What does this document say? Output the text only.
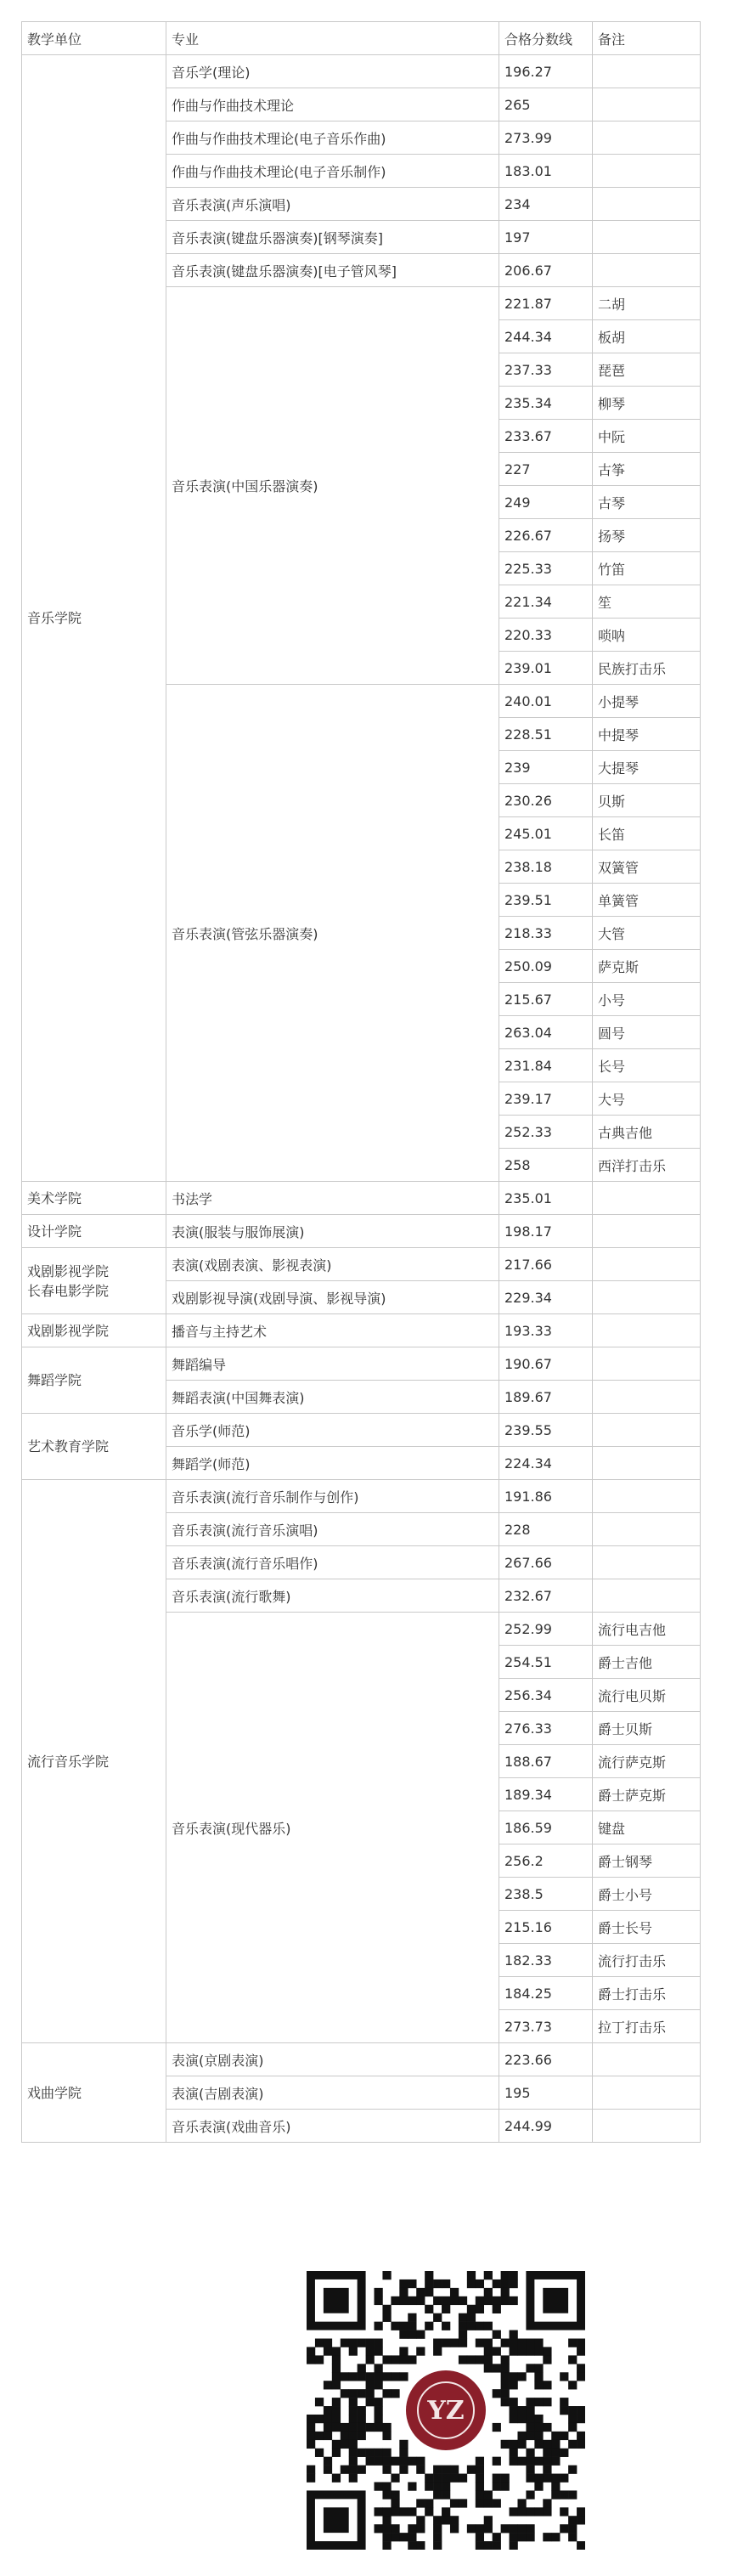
教学单位	专业	合格分数线	备注
音乐学院	音乐学(理论)	196.27	
	作曲与作曲技术理论	265	
	作曲与作曲技术理论(电子音乐作曲)	273.99	
	作曲与作曲技术理论(电子音乐制作)	183.01	
	音乐表演(声乐演唱)	234	
	音乐表演(键盘乐器演奏)[钢琴演奏]	197	
	音乐表演(键盘乐器演奏)[电子管风琴]	206.67	
	音乐表演(中国乐器演奏)	221.87	二胡
		244.34	板胡
		237.33	琵琶
		235.34	柳琴
		233.67	中阮
		227	古筝
		249	古琴
		226.67	扬琴
		225.33	竹笛
		221.34	笙
		220.33	唢呐
		239.01	民族打击乐
	音乐表演(管弦乐器演奏)	240.01	小提琴
		228.51	中提琴
		239	大提琴
		230.26	贝斯
		245.01	长笛
		238.18	双簧管
		239.51	单簧管
		218.33	大管
		250.09	萨克斯
		215.67	小号
		263.04	圆号
		231.84	长号
		239.17	大号
		252.33	古典吉他
		258	西洋打击乐
美术学院	书法学	235.01	
设计学院	表演(服装与服饰展演)	198.17	
戏剧影视学院
长春电影学院	表演(戏剧表演、影视表演)	217.66	
	戏剧影视导演(戏剧导演、影视导演)	229.34	
戏剧影视学院	播音与主持艺术	193.33	
舞蹈学院	舞蹈编导	190.67	
	舞蹈表演(中国舞表演)	189.67	
艺术教育学院	音乐学(师范)	239.55	
	舞蹈学(师范)	224.34	
流行音乐学院	音乐表演(流行音乐制作与创作)	191.86	
	音乐表演(流行音乐演唱)	228	
	音乐表演(流行音乐唱作)	267.66	
	音乐表演(流行歌舞)	232.67	
	音乐表演(现代器乐)	252.99	流行电吉他
		254.51	爵士吉他
		256.34	流行电贝斯
		276.33	爵士贝斯
		188.67	流行萨克斯
		189.34	爵士萨克斯
		186.59	键盘
		256.2	爵士钢琴
		238.5	爵士小号
		215.16	爵士长号
		182.33	流行打击乐
		184.25	爵士打击乐
		273.73	拉丁打击乐
戏曲学院	表演(京剧表演)	223.66	
	表演(吉剧表演)	195	
	音乐表演(戏曲音乐)	244.99	
YZ
